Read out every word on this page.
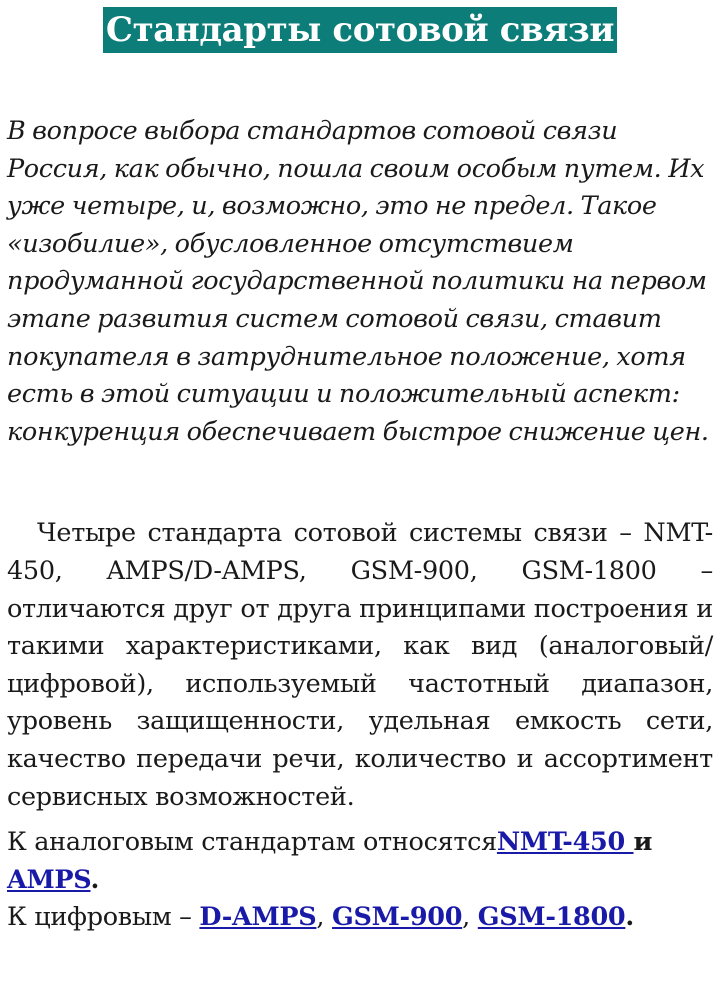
Стандарты сотовой связи

В вопросе выбора стандартов сотовой связи Россия, как обычно, пошла своим особым путем. Их уже четыре, и, возможно, это не предел. Такое «изобилие», обусловленное отсутствием продуманной государственной политики на первом этапе развития систем сотовой связи, ставит покупателя в затруднительное положение, хотя есть в этой ситуации и положительный аспект: конкуренция обеспечивает быстрое снижение цен.

Четыре стандарта сотовой системы связи – NMT-450, AMPS/D-AMPS, GSM-900, GSM-1800 – отличаются друг от друга принципами построения и такими характеристиками, как вид (аналоговый/цифровой), используемый частотный диапазон, уровень защищенности, удельная емкость сети, качество передачи речи, количество и ассортимент сервисных возможностей.

К аналоговым стандартам относятсяNMT-450 и
AMPS.

К цифровым – D-AMPS, GSM-900, GSM-1800.
